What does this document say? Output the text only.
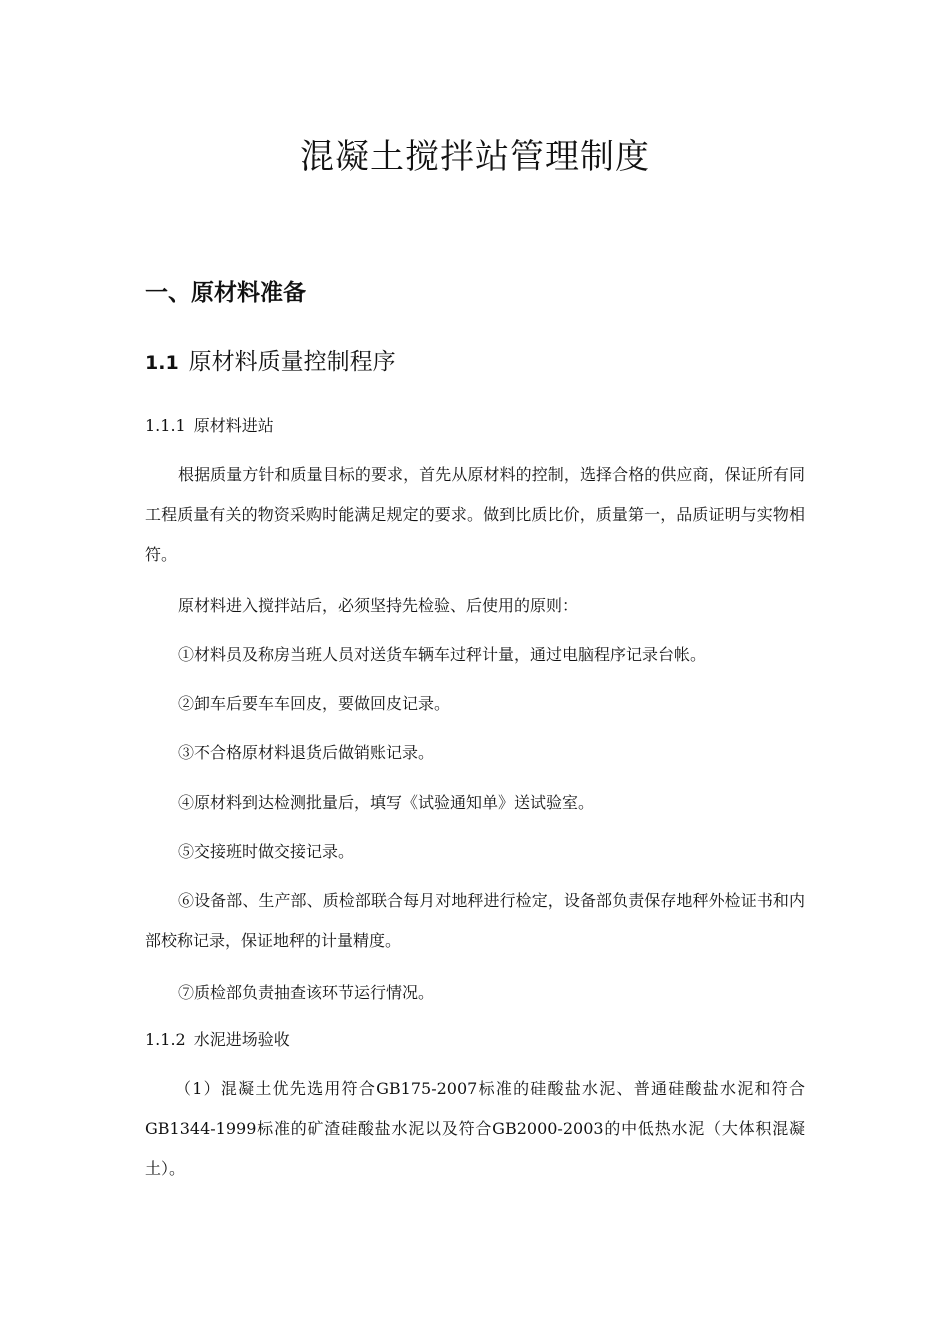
混凝土搅拌站管理制度
一、原材料准备
1.1 原材料质量控制程序

1.1.1 原材料进站

根据质量方针和质量目标的要求，首先从原材料的控制，选择合格的供应商，保证所有同工程质量有关的物资采购时能满足规定的要求。做到比质比价，质量第一，品质证明与实物相符。

原材料进入搅拌站后，必须坚持先检验、后使用的原则：

①材料员及称房当班人员对送货车辆车过秤计量，通过电脑程序记录台帐。

②卸车后要车车回皮，要做回皮记录。

③不合格原材料退货后做销账记录。

④原材料到达检测批量后，填写《试验通知单》送试验室。

⑤交接班时做交接记录。

⑥设备部、生产部、质检部联合每月对地秤进行检定，设备部负责保存地秤外检证书和内部校称记录，保证地秤的计量精度。

⑦质检部负责抽查该环节运行情况。

1.1.2 水泥进场验收

（1）混凝土优先选用符合GB175-2007标准的硅酸盐水泥、普通硅酸盐水泥和符合GB1344-1999标准的矿渣硅酸盐水泥以及符合GB2000-2003的中低热水泥（大体积混凝土）。
